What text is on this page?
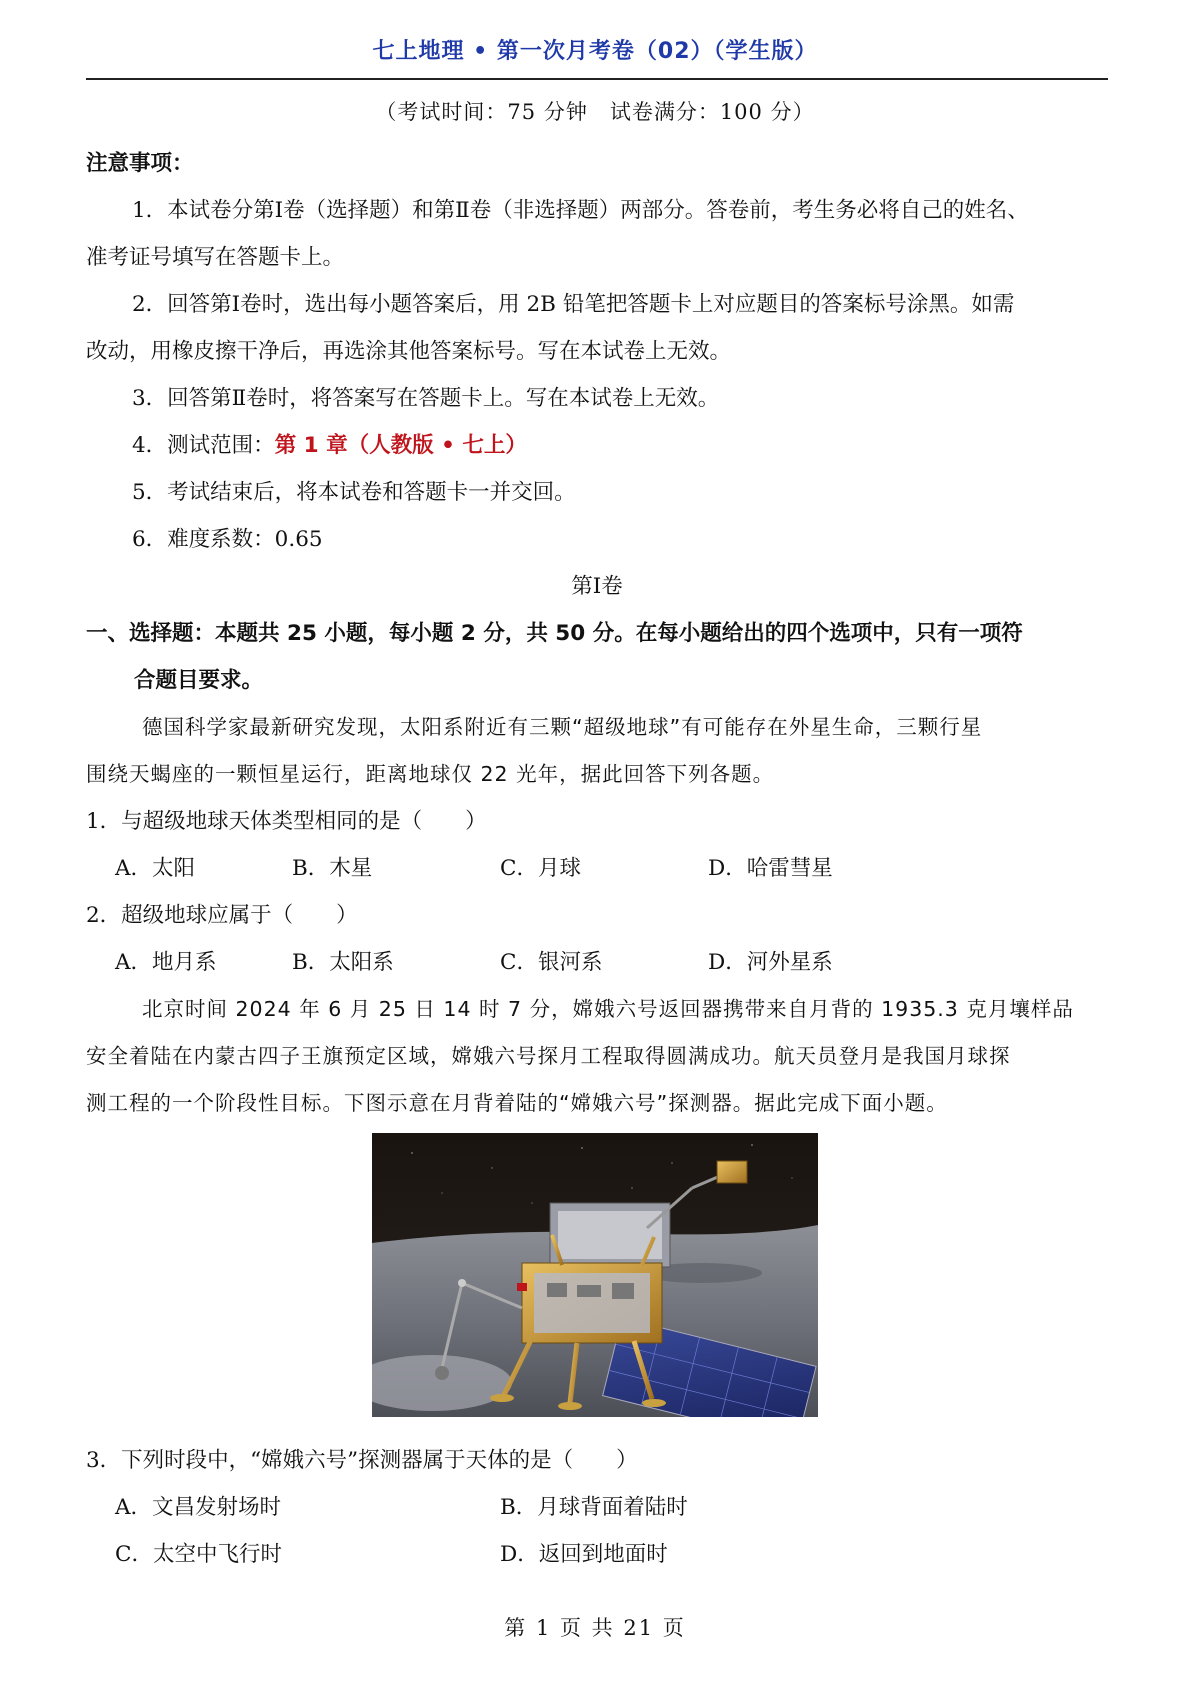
七上地理 • 第一次月考卷（02）（学生版）
（考试时间：75 分钟　试卷满分：100 分）
注意事项：
1．本试卷分第Ⅰ卷（选择题）和第Ⅱ卷（非选择题）两部分。答卷前，考生务必将自己的姓名、
准考证号填写在答题卡上。
2．回答第Ⅰ卷时，选出每小题答案后，用 2B 铅笔把答题卡上对应题目的答案标号涂黑。如需
改动，用橡皮擦干净后，再选涂其他答案标号。写在本试卷上无效。
3．回答第Ⅱ卷时，将答案写在答题卡上。写在本试卷上无效。
4．测试范围：第 1 章（人教版 • 七上）
5．考试结束后，将本试卷和答题卡一并交回。
6．难度系数：0.65
第Ⅰ卷
一、选择题：本题共 25 小题，每小题 2 分，共 50 分。在每小题给出的四个选项中，只有一项符
合题目要求。
德国科学家最新研究发现，太阳系附近有三颗“超级地球”有可能存在外星生命，三颗行星
围绕天蝎座的一颗恒星运行，距离地球仅 22 光年，据此回答下列各题。
1．与超级地球天体类型相同的是（　　）
A．太阳	B．木星	C．月球	D．哈雷彗星
2．超级地球应属于（　　）
A．地月系	B．太阳系	C．银河系	D．河外星系
北京时间 2024 年 6 月 25 日 14 时 7 分，嫦娥六号返回器携带来自月背的 1935.3 克月壤样品
安全着陆在内蒙古四子王旗预定区域，嫦娥六号探月工程取得圆满成功。航天员登月是我国月球探
测工程的一个阶段性目标。下图示意在月背着陆的“嫦娥六号”探测器。据此完成下面小题。
3．下列时段中，“嫦娥六号”探测器属于天体的是（　　）
A．文昌发射场时	B．月球背面着陆时
C．太空中飞行时	D．返回到地面时
第 1 页 共 21 页
